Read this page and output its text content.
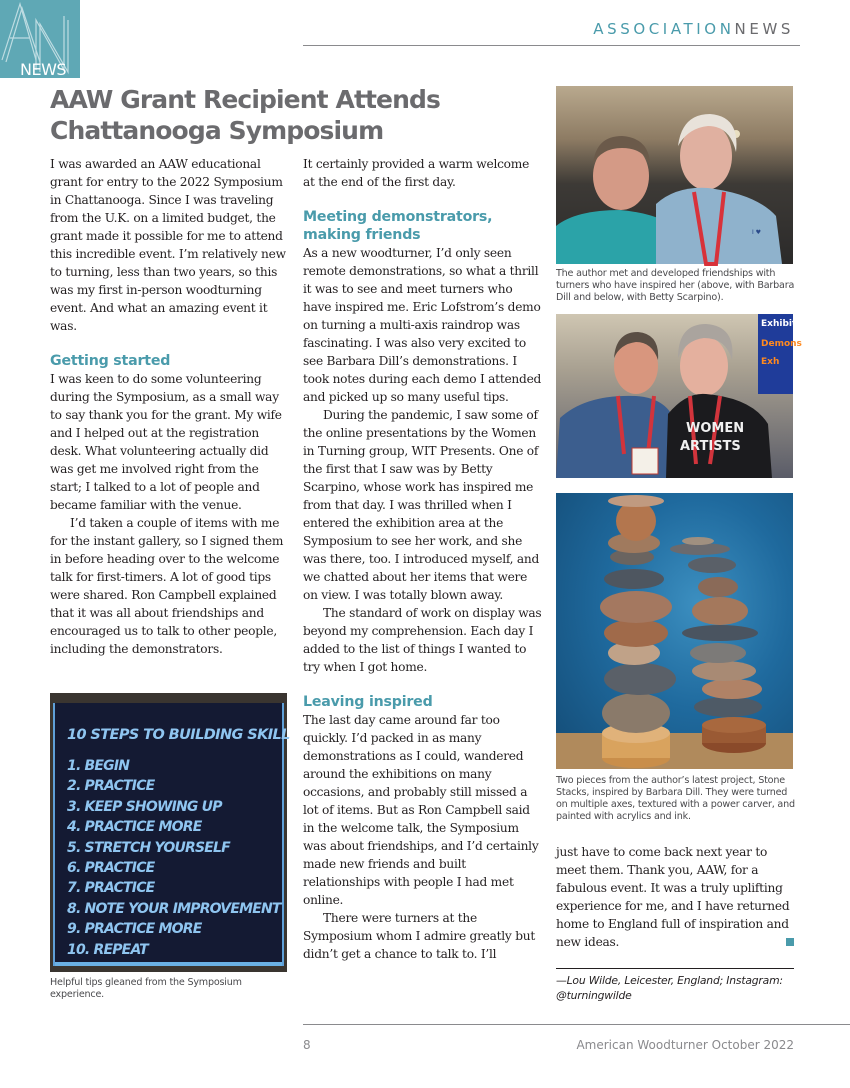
NEWS
ASSOCIATIONNEWS
AAW Grant Recipient Attends
Chattanooga Symposium

I was awarded an AAW educational grant for entry to the 2022 Symposium in Chattanooga. Since I was traveling from the U.K. on a limited budget, the grant made it possible for me to attend this incredible event. I’m relatively new to turning, less than two years, so this was my first in-person woodturning event. And what an amazing event it was.

Getting started

I was keen to do some volunteering during the Symposium, as a small way to say thank you for the grant. My wife and I helped out at the registration desk. What volunteering actually did was get me involved right from the start; I talked to a lot of people and became familiar with the venue.

I’d taken a couple of items with me for the instant gallery, so I signed them in before heading over to the welcome talk for first-timers. A lot of good tips were shared. Ron Campbell explained that it was all about friendships and encouraged us to talk to other people, including the demonstrators.

10 STEPS TO BUILDING SKILL
1. BEGIN
2. PRACTICE
3. KEEP SHOWING UP
4. PRACTICE MORE
5. STRETCH YOURSELF
6. PRACTICE
7. PRACTICE
8. NOTE YOUR IMPROVEMENT
9. PRACTICE MORE
10. REPEAT
Helpful tips gleaned from the Symposium experience.

It certainly provided a warm welcome at the end of the first day.

Meeting demonstrators, making friends

As a new woodturner, I’d only seen remote demonstrations, so what a thrill it was to see and meet turners who have inspired me. Eric Lofstrom’s demo on turning a multi-axis raindrop was fascinating. I was also very excited to see Barbara Dill’s demonstrations. I took notes during each demo I attended and picked up so many useful tips.

During the pandemic, I saw some of the online presentations by the Women in Turning group, WIT Presents. One of the first that I saw was by Betty Scarpino, whose work has inspired me from that day. I was thrilled when I entered the exhibition area at the Symposium to see her work, and she was there, too. I introduced myself, and we chatted about her items that were on view. I was totally blown away.

The standard of work on display was beyond my comprehension. Each day I added to the list of things I wanted to try when I got home.

Leaving inspired

The last day came around far too quickly. I’d packed in as many demonstrations as I could, wandered around the exhibitions on many occasions, and probably still missed a lot of items. But as Ron Campbell said in the welcome talk, the Symposium was about friendships, and I’d certainly made new friends and built relationships with people I had met online.

There were turners at the Symposium whom I admire greatly but didn’t get a chance to talk to. I’ll

I ♥
The author met and developed friendships with turners who have inspired her (above, with Barbara Dill and below, with Betty Scarpino).
Exhibit
Demons
Exh
WOMEN
ARTISTS
Two pieces from the author’s latest project, Stone Stacks, inspired by Barbara Dill. They were turned on multiple axes, textured with a power carver, and painted with acrylics and ink.

just have to come back next year to meet them. Thank you, AAW, for a fabulous event. It was a truly uplifting experience for me, and I have returned home to England full of inspiration and new ideas.

—Lou Wilde, Leicester, England; Instagram: @turningwilde
8	American Woodturner October 2022
